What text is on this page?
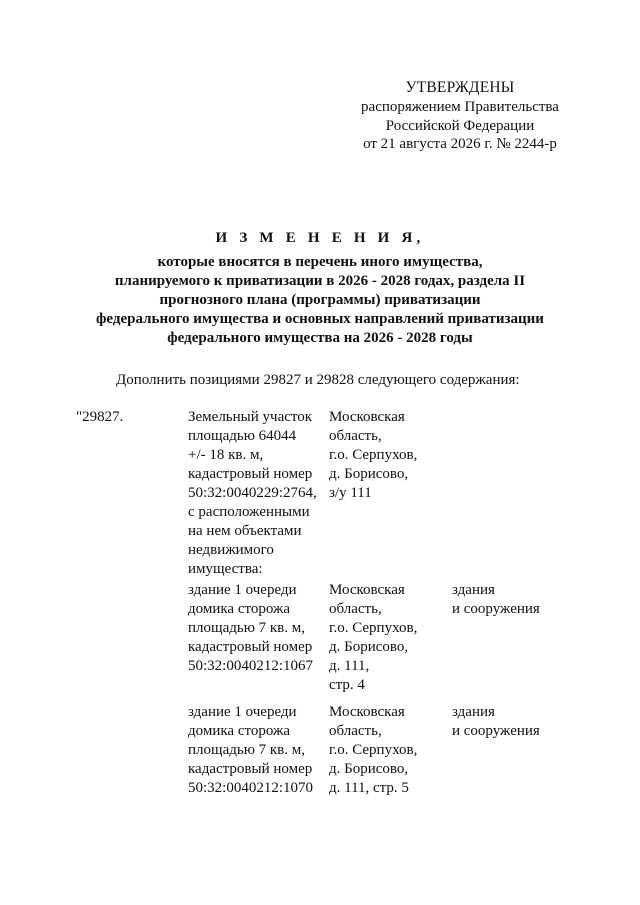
УТВЕРЖДЕНЫ
распоряжением Правительства
Российской Федерации
от 21 августа 2026 г. № 2244-р
И З М Е Н Е Н И Я,
которые вносятся в перечень иного имущества,
планируемого к приватизации в 2026 - 2028 годах, раздела II
прогнозного плана (программы) приватизации
федерального имущества и основных направлений приватизации
федерального имущества на 2026 - 2028 годы
Дополнить позициями 29827 и 29828 следующего содержания:
"29827.	Земельный участок
площадью 64044
+/- 18 кв. м,
кадастровый номер
50:32:0040229:2764,
с расположенными
на нем объектами
недвижимого
имущества:
Московская
область,
г.о. Серпухов,
д. Борисово,
з/у 111
здание 1 очереди
домика сторожа
площадью 7 кв. м,
кадастровый номер
50:32:0040212:1067
Московская
область,
г.о. Серпухов,
д. Борисово,
д. 111,
стр. 4
здания
и сооружения
здание 1 очереди
домика сторожа
площадью 7 кв. м,
кадастровый номер
50:32:0040212:1070
Московская
область,
г.о. Серпухов,
д. Борисово,
д. 111, стр. 5
здания
и сооружения
